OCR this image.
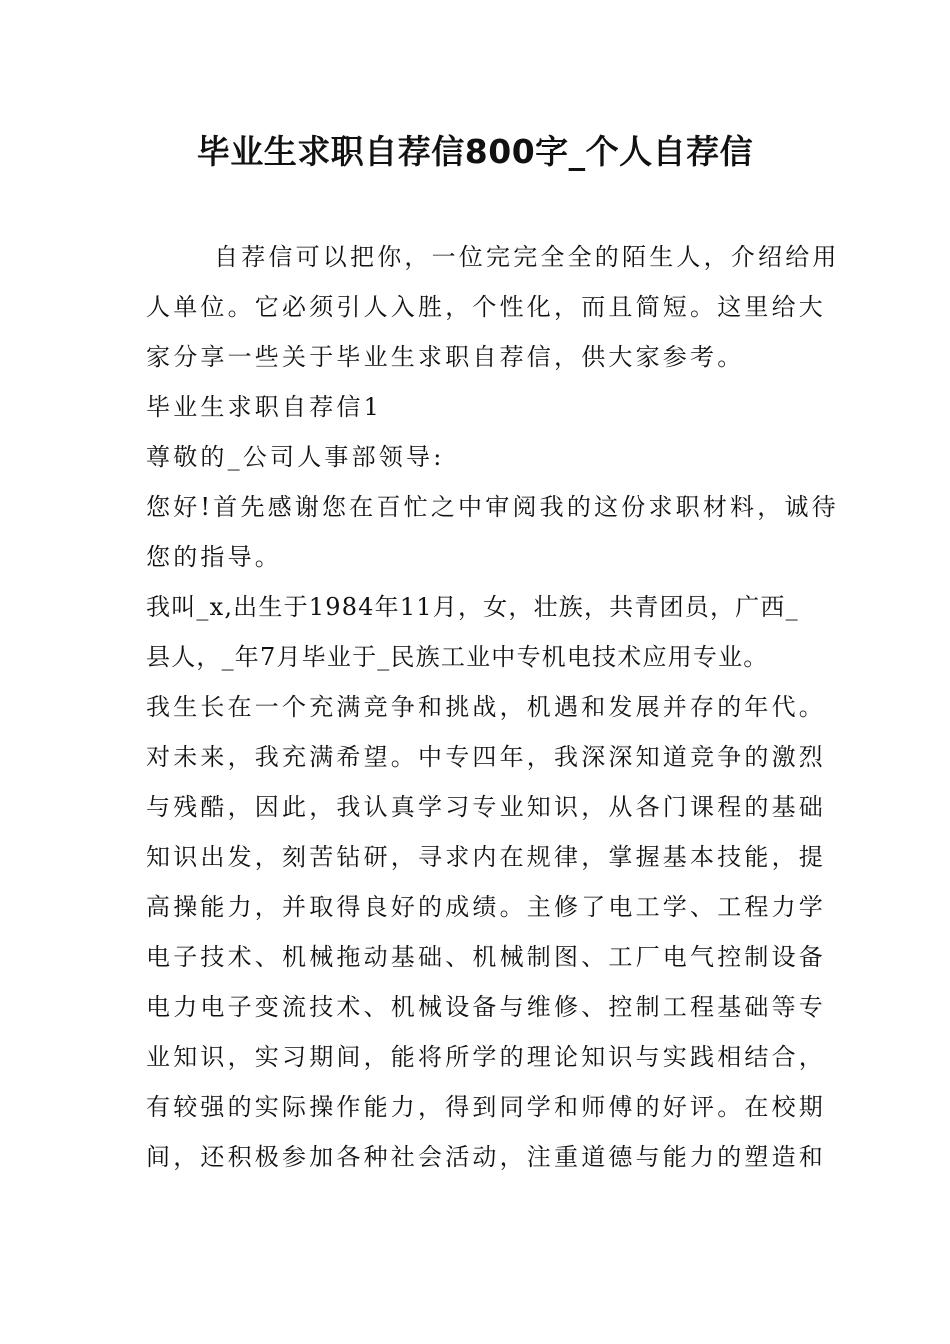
毕业生求职自荐信800字_个人自荐信
自荐信可以把你，一位完完全全的陌生人，介绍给用
人单位。它必须引人入胜，个性化，而且简短。这里给大
家分享一些关于毕业生求职自荐信，供大家参考。
毕业生求职自荐信1
尊敬的_公司人事部领导:
您好!首先感谢您在百忙之中审阅我的这份求职材料，诚待
您的指导。
我叫_x,出生于1984年11月，女，壮族，共青团员，广西_
县人，_年7月毕业于_民族工业中专机电技术应用专业。
我生长在一个充满竞争和挑战，机遇和发展并存的年代。
对未来，我充满希望。中专四年，我深深知道竞争的激烈
与残酷，因此，我认真学习专业知识，从各门课程的基础
知识出发，刻苦钻研，寻求内在规律，掌握基本技能，提
高操能力，并取得良好的成绩。主修了电工学、工程力学
电子技术、机械拖动基础、机械制图、工厂电气控制设备
电力电子变流技术、机械设备与维修、控制工程基础等专
业知识，实习期间，能将所学的理论知识与实践相结合，
有较强的实际操作能力，得到同学和师傅的好评。在校期
间，还积极参加各种社会活动，注重道德与能力的塑造和
